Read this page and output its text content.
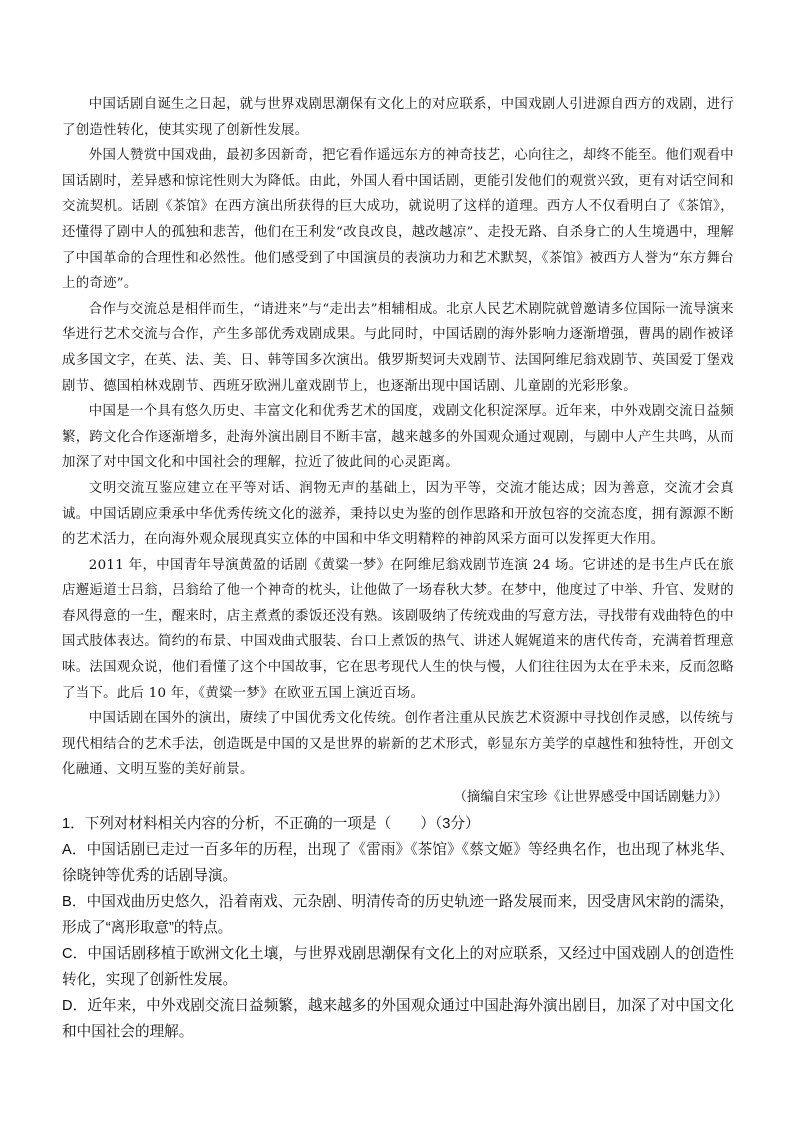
中国话剧自诞生之日起，就与世界戏剧思潮保有文化上的对应联系，中国戏剧人引进源自西方的戏剧，进行了创造性转化，使其实现了创新性发展。

外国人赞赏中国戏曲，最初多因新奇，把它看作遥远东方的神奇技艺，心向往之，却终不能至。他们观看中国话剧时，差异感和惊诧性则大为降低。由此，外国人看中国话剧，更能引发他们的观赏兴致，更有对话空间和交流契机。话剧《茶馆》在西方演出所获得的巨大成功，就说明了这样的道理。西方人不仅看明白了《茶馆》，还懂得了剧中人的孤独和悲苦，他们在王利发“改良改良，越改越凉”、走投无路、自杀身亡的人生境遇中，理解了中国革命的合理性和必然性。他们感受到了中国演员的表演功力和艺术默契，《茶馆》被西方人誉为“东方舞台上的奇迹”。

合作与交流总是相伴而生，“请进来”与“走出去”相辅相成。北京人民艺术剧院就曾邀请多位国际一流导演来华进行艺术交流与合作，产生多部优秀戏剧成果。与此同时，中国话剧的海外影响力逐渐增强，曹禺的剧作被译成多国文字，在英、法、美、日、韩等国多次演出。俄罗斯契诃夫戏剧节、法国阿维尼翁戏剧节、英国爱丁堡戏剧节、德国柏林戏剧节、西班牙欧洲儿童戏剧节上，也逐渐出现中国话剧、儿童剧的光彩形象。

中国是一个具有悠久历史、丰富文化和优秀艺术的国度，戏剧文化积淀深厚。近年来，中外戏剧交流日益频繁，跨文化合作逐渐增多，赴海外演出剧目不断丰富，越来越多的外国观众通过观剧，与剧中人产生共鸣，从而加深了对中国文化和中国社会的理解，拉近了彼此间的心灵距离。

文明交流互鉴应建立在平等对话、润物无声的基础上，因为平等，交流才能达成；因为善意，交流才会真诚。中国话剧应秉承中华优秀传统文化的滋养，秉持以史为鉴的创作思路和开放包容的交流态度，拥有源源不断的艺术活力，在向海外观众展现真实立体的中国和中华文明精粹的神韵风采方面可以发挥更大作用。

2011 年，中国青年导演黄盈的话剧《黄粱一梦》在阿维尼翁戏剧节连演 24 场。它讲述的是书生卢氏在旅店邂逅道士吕翁，吕翁给了他一个神奇的枕头，让他做了一场春秋大梦。在梦中，他度过了中举、升官、发财的春风得意的一生，醒来时，店主煮煮的黍饭还没有熟。该剧吸纳了传统戏曲的写意方法，寻找带有戏曲特色的中国式肢体表达。简约的布景、中国戏曲式服装、台口上煮饭的热气、讲述人娓娓道来的唐代传奇，充满着哲理意味。法国观众说，他们看懂了这个中国故事，它在思考现代人生的快与慢，人们往往因为太在乎未来，反而忽略了当下。此后 10 年，《黄粱一梦》在欧亚五国上演近百场。

中国话剧在国外的演出，赓续了中国优秀文化传统。创作者注重从民族艺术资源中寻找创作灵感，以传统与现代相结合的艺术手法，创造既是中国的又是世界的崭新的艺术形式，彰显东方美学的卓越性和独特性，开创文化融通、文明互鉴的美好前景。

（摘编自宋宝珍《让世界感受中国话剧魅力》）

1．下列对材料相关内容的分析，不正确的一项是（　　）（3分）

A．中国话剧已走过一百多年的历程，出现了《雷雨》《茶馆》《蔡文姬》等经典名作，也出现了林兆华、徐晓钟等优秀的话剧导演。

B．中国戏曲历史悠久，沿着南戏、元杂剧、明清传奇的历史轨迹一路发展而来，因受唐风宋韵的濡染，形成了“离形取意”的特点。

C．中国话剧移植于欧洲文化土壤，与世界戏剧思潮保有文化上的对应联系，又经过中国戏剧人的创造性转化，实现了创新性发展。

D．近年来，中外戏剧交流日益频繁，越来越多的外国观众通过中国赴海外演出剧目，加深了对中国文化和中国社会的理解。
